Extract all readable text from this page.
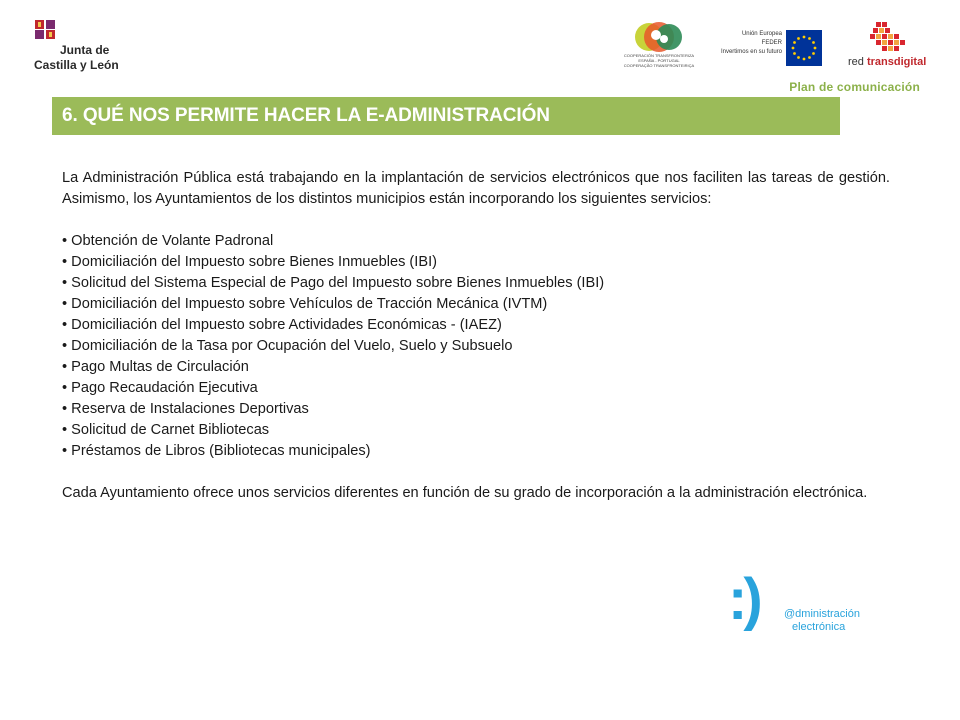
Junta de
Castilla y León
COOPERACIÓN TRANSFRONTERIZA
ESPAÑA - PORTUGAL
COOPERAÇÃO TRANSFRONTEIRIÇA
Unión Europea
FEDER
Invertimos en su futuro
red transdigital
Plan de comunicación
6. QUÉ NOS PERMITE HACER LA E-ADMINISTRACIÓN

La Administración Pública está trabajando en la implantación de servicios electrónicos que nos faciliten las tareas de gestión. Asimismo, los Ayuntamientos de los distintos municipios están incorporando los siguientes servicios:

• Obtención de Volante Padronal
• Domiciliación del Impuesto sobre Bienes Inmuebles (IBI)
• Solicitud del Sistema Especial de Pago del Impuesto sobre Bienes Inmuebles (IBI)
• Domiciliación del Impuesto sobre Vehículos de Tracción Mecánica (IVTM)
• Domiciliación del Impuesto sobre Actividades Económicas - (IAEZ)
• Domiciliación de la Tasa por Ocupación del Vuelo, Suelo y Subsuelo
• Pago Multas de Circulación
• Pago Recaudación Ejecutiva
• Reserva de Instalaciones Deportivas
• Solicitud de Carnet Bibliotecas
• Préstamos de Libros (Bibliotecas municipales)

Cada Ayuntamiento ofrece unos servicios diferentes en función de su grado de incorporación a la administración electrónica.

:) @dministración
electrónica
